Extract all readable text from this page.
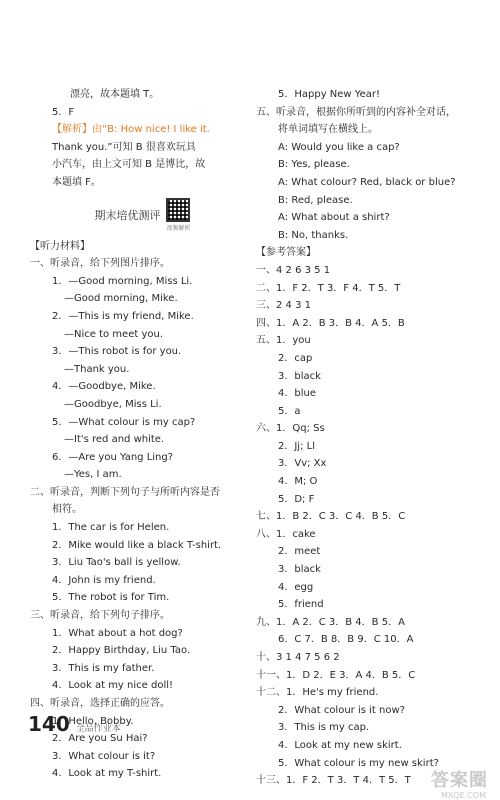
漂亮，故本题填 T。
5．F
【解析】由“B: How nice! I like it.
Thank you.”可知 B 很喜欢玩具
小汽车，由上文可知 B 是博比，故
本题填 F。
期末培优测评
视频解析
【听力材料】
一、听录音，给下列图片排序。
1．—Good morning, Miss Li.
—Good morning, Mike.
2．—This is my friend, Mike.
—Nice to meet you.
3．—This robot is for you.
—Thank you.
4．—Goodbye, Mike.
—Goodbye, Miss Li.
5．—What colour is my cap?
—It's red and white.
6．—Are you Yang Ling?
—Yes, I am.
二、听录音，判断下列句子与所听内容是否
相符。
1．The car is for Helen.
2．Mike would like a black T-shirt.
3．Liu Tao's ball is yellow.
4．John is my friend.
5．The robot is for Tim.
三、听录音，给下列句子排序。
1．What about a hot dog?
2．Happy Birthday, Liu Tao.
3．This is my father.
4．Look at my nice doll!
四、听录音，选择正确的应答。
1．Hello, Bobby.
2．Are you Su Hai?
3．What colour is it?
4．Look at my T-shirt.
5．Happy New Year!
五、听录音，根据你所听到的内容补全对话，
将单词填写在横线上。
A: Would you like a cap?
B: Yes, please.
A: What colour? Red, black or blue?
B: Red, please.
A: What about a shirt?
B: No, thanks.
【参考答案】
一、4 2 6 3 5 1
二、1．F 2．T 3．F 4．T 5．T
三、2 4 3 1
四、1．A 2．B 3．B 4．A 5．B
五、1．you
2．cap
3．black
4．blue
5．a
六、1．Qq; Ss
2．Jj; Ll
3．Vv; Xx
4．M; O
5．D; F
七、1．B 2．C 3．C 4．B 5．C
八、1．cake
2．meet
3．black
4．egg
5．friend
九、1．A 2．C 3．B 4．B 5．A
6．C 7．B 8．B 9．C 10．A
十、3 1 4 7 5 6 2
十一、1．D 2．E 3．A 4．B 5．C
十二、1．He's my friend.
2．What colour is it now?
3．This is my cap.
4．Look at my new skirt.
5．What colour is my new skirt?
十三、1．F 2．T 3．T 4．T 5．T
140 全品作业本
答案圈
MXQE.COM
